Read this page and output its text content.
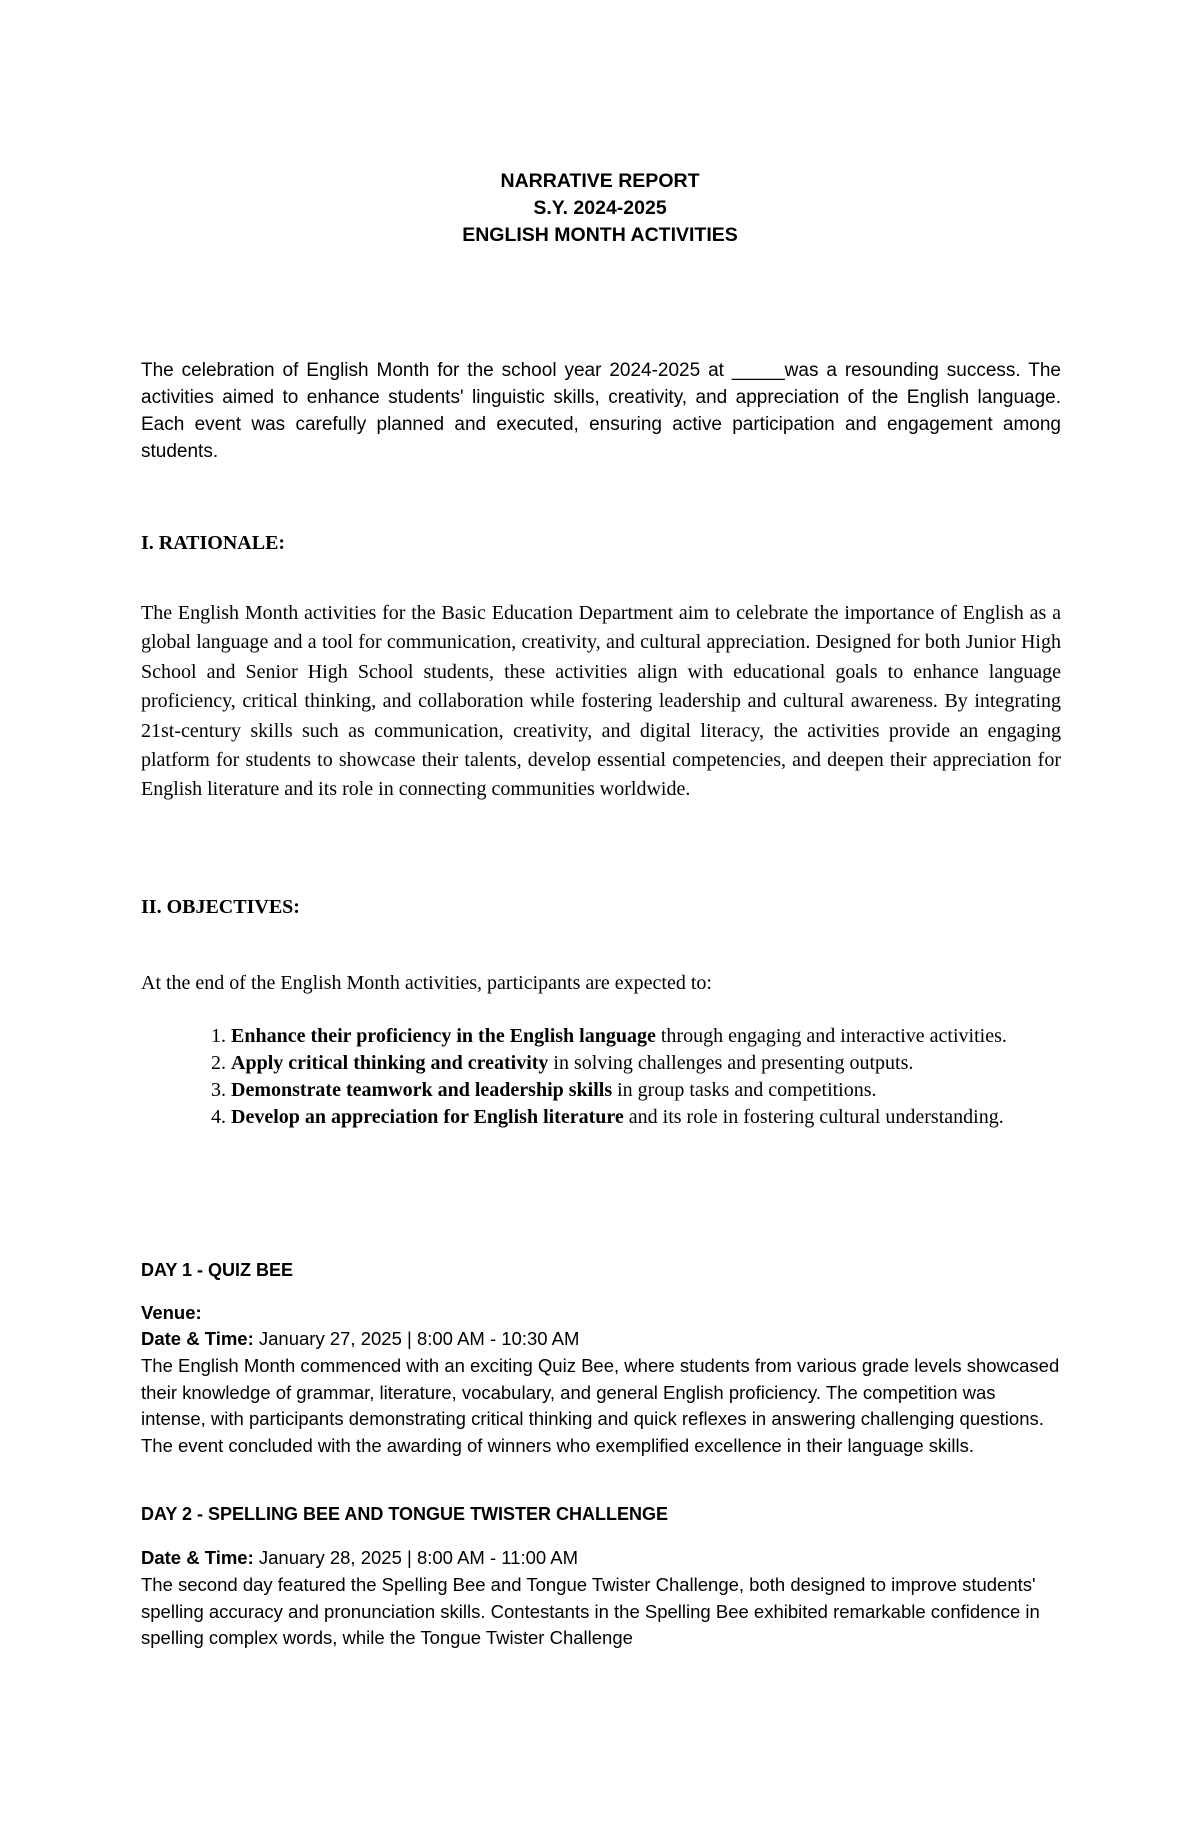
NARRATIVE REPORT
S.Y. 2024-2025
ENGLISH MONTH ACTIVITIES
The celebration of English Month for the school year 2024-2025 at _____was a resounding success. The activities aimed to enhance students' linguistic skills, creativity, and appreciation of the English language. Each event was carefully planned and executed, ensuring active participation and engagement among students.
I. RATIONALE:
The English Month activities for the Basic Education Department aim to celebrate the importance of English as a global language and a tool for communication, creativity, and cultural appreciation. Designed for both Junior High School and Senior High School students, these activities align with educational goals to enhance language proficiency, critical thinking, and collaboration while fostering leadership and cultural awareness. By integrating 21st-century skills such as communication, creativity, and digital literacy, the activities provide an engaging platform for students to showcase their talents, develop essential competencies, and deepen their appreciation for English literature and its role in connecting communities worldwide.
II. OBJECTIVES:
At the end of the English Month activities, participants are expected to:
1. Enhance their proficiency in the English language through engaging and interactive activities.
2. Apply critical thinking and creativity in solving challenges and presenting outputs.
3. Demonstrate teamwork and leadership skills in group tasks and competitions.
4. Develop an appreciation for English literature and its role in fostering cultural understanding.
DAY 1 - QUIZ BEE
Venue:
Date & Time: January 27, 2025 | 8:00 AM - 10:30 AM
The English Month commenced with an exciting Quiz Bee, where students from various grade levels showcased their knowledge of grammar, literature, vocabulary, and general English proficiency. The competition was intense, with participants demonstrating critical thinking and quick reflexes in answering challenging questions. The event concluded with the awarding of winners who exemplified excellence in their language skills.
DAY 2 - SPELLING BEE AND TONGUE TWISTER CHALLENGE
Date & Time: January 28, 2025 | 8:00 AM - 11:00 AM
The second day featured the Spelling Bee and Tongue Twister Challenge, both designed to improve students' spelling accuracy and pronunciation skills. Contestants in the Spelling Bee exhibited remarkable confidence in spelling complex words, while the Tongue Twister Challenge
